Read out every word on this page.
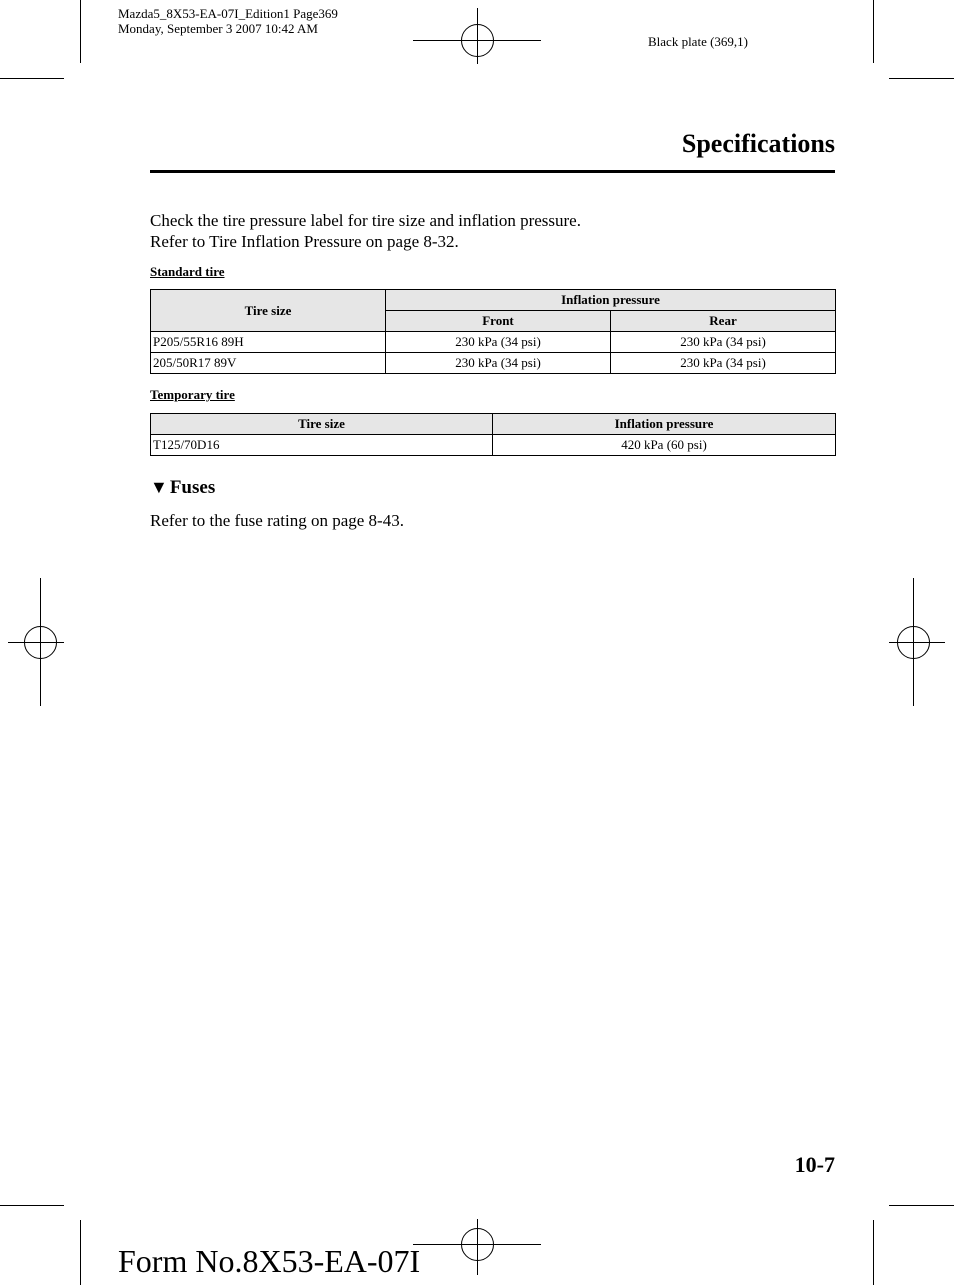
Mazda5_8X53-EA-07I_Edition1 Page369
Monday, September 3 2007 10:42 AM
Black plate (369,1)
Specifications
Check the tire pressure label for tire size and inflation pressure.
Refer to Tire Inflation Pressure on page 8-32.
Standard tire
Tire size	Inflation pressure	
	Front	Rear
P205/55R16 89H	230 kPa (34 psi)	230 kPa (34 psi)
205/50R17 89V	230 kPa (34 psi)	230 kPa (34 psi)
Temporary tire
Tire size	Inflation pressure
T125/70D16	420 kPa (60 psi)
▼ Fuses
Refer to the fuse rating on page 8-43.
10-7
Form No.8X53-EA-07I
